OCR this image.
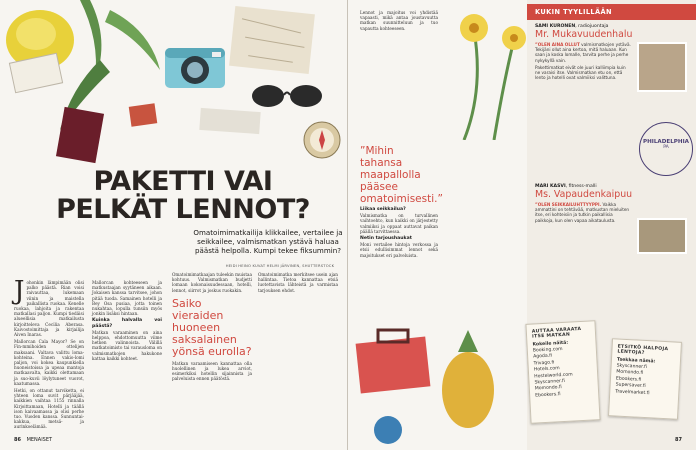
PAKETTI VAI
PELKÄT LENNOT?
Omatoimimatkailija klikkailee, vertailee ja seikkailee, valmismatkan ystävä haluaa päästä helpolla. Kumpi tekee fiksummin?
HEIDI HEINO KUVAT HELMI JÄRVINEN, SHUTTERSTOCK
J ohonkin lämpimään olisi palko päästä. Rian voisi raivauttaa, lukemaan viinin ja maistella paikallista ruokaa. Kenelle ruokaa, lahjoita ja rakentaa matkallasi paljon. Kumpi tiedäisi alueellisia matkailusta kirjoitteleva Cecilia Aberasa. Kaivostoimittaja ja kirjailija Aiven Inaras.

Mallorcan Cala Mayor? Se on Fin-mmihoiden ottelijen maksaani. Valtava valittu loma-kohteina. Ennen vakio-lomi paljon, voi kokea kaupunkiella huoneistoissa ja upeaa mantoja matkaavalta, kaikki olettamaan ja suo-kuvii löylytuneet vuorot, kaatumassa.

Hetki, on ottanut tarviketta, ei yhteen loma suvit pärjääjää, kaikkien vaihtaa 1155 rinnalla Kirjoittamaan, Hotelli ja täällä ison kaivaamassa ja olisi perhe tuo. Vuoden kanssa. Sunnuntai-kakkua, metsä- ja aurinkoelämää.

Mallorcan kohteeseen ja matkustaajan syytäneen aikaan. Jokaisen kanssa tarvitsee, johon pitää tuoda. Samainen hotelli ja Bey Osa pusiaa, jotta toinen nukahtaa, lopulla tunsiin myös jonkin lisäksi hintaan.

Kuinka halvalla voi päästä?

Matkan varaaminen on aina helppoa, ehdottomuutta viime hetken valinnoista. Välillä matkatoimisto tai varausloma on valmismatkojen hakukone kattaa kaikki kohteet.

Omatoimimatkaajan tuleekin muistaa kohtuus. Valmismatkan budjetti lomaan kokonaisuudessaan, hotelli, lennot, siirrot ja joskus ruokakin.

Saiko vieraiden huoneen saksalainen yönsä eurolla?

Matkan varaamiseen kannattaa olla huolellinen ja lukea arviot, esimerkiksi hotellin sijainnista ja palveluista ennen päätöstä.

Omatoimimatka merkitsee usein ajan hallintaa. Tietoa kannattaa etsiä luotettavista lähteistä ja varmistaa tarjouksen ehdot.

86 MENAISET

Lennot ja majoitus voi yhdistää vapaasti, mikä antaa joustavuutta matkan suunnitteluun ja tuo vapautta kohteeseen.

”Mihin tahansa maapallolla pääsee omatoimisesti.”
Liikaa seikkailua?

Valmismatka on turvallinen vaihtoehto, kun kaikki on järjestetty valmiiksi ja oppaat auttavat paikan päällä tarvittaessa.

Netin tarjoushaukat

Moni vertailee hintoja verkossa ja etsii edullisimmat lennot sekä majoitukset eri palveluista.

KUKIN TYYLILLÄÄN
SAMI KURONEN, radiojuontaja
Mr. Mukavuudenhalu
”OLEN AINA OLLUT valmismatkojen ystävä. Tekijäni ollut aina kertoa, mitä haluaan. Kun saan ja koska lomalle, tarvita perhe ja perhe nykykyllä vain.

Pakettimatkat eivät ole juuri kalliimpia kuin ne varaisi itse. Valmismatkan etu on, että lento ja hotelli ovat valmiiksi valittuna.

MARI KASVI, fitness-malli
Ms. Vapaudenkaipuu
”OLEN SEIKKAILUHTTYYPPI. Vaikka ammattini on tehtävää, matkustan mieluiten itse, eri kohteisiin ja tutkin paikallisia paikkoja, kun olen vapaa aikataulusta.
PHILADELPHIA
PA
AUTTAA VARAATA ITSE MATKAN
Kokeile näitä:
Booking.com
Agoda.fi
Trivago.fi
Hotels.com
Hostelworld.com
Skyscanner.fi
Momondo.fi
Ebookers.fi
ETSITKÖ HALPOJA LENTOJA?
Tsekkaa nämä:
Skyscanner.fi
Momondo.fi
Ebookers.fi
Supersaver.fi
Travelmarket.fi
87
